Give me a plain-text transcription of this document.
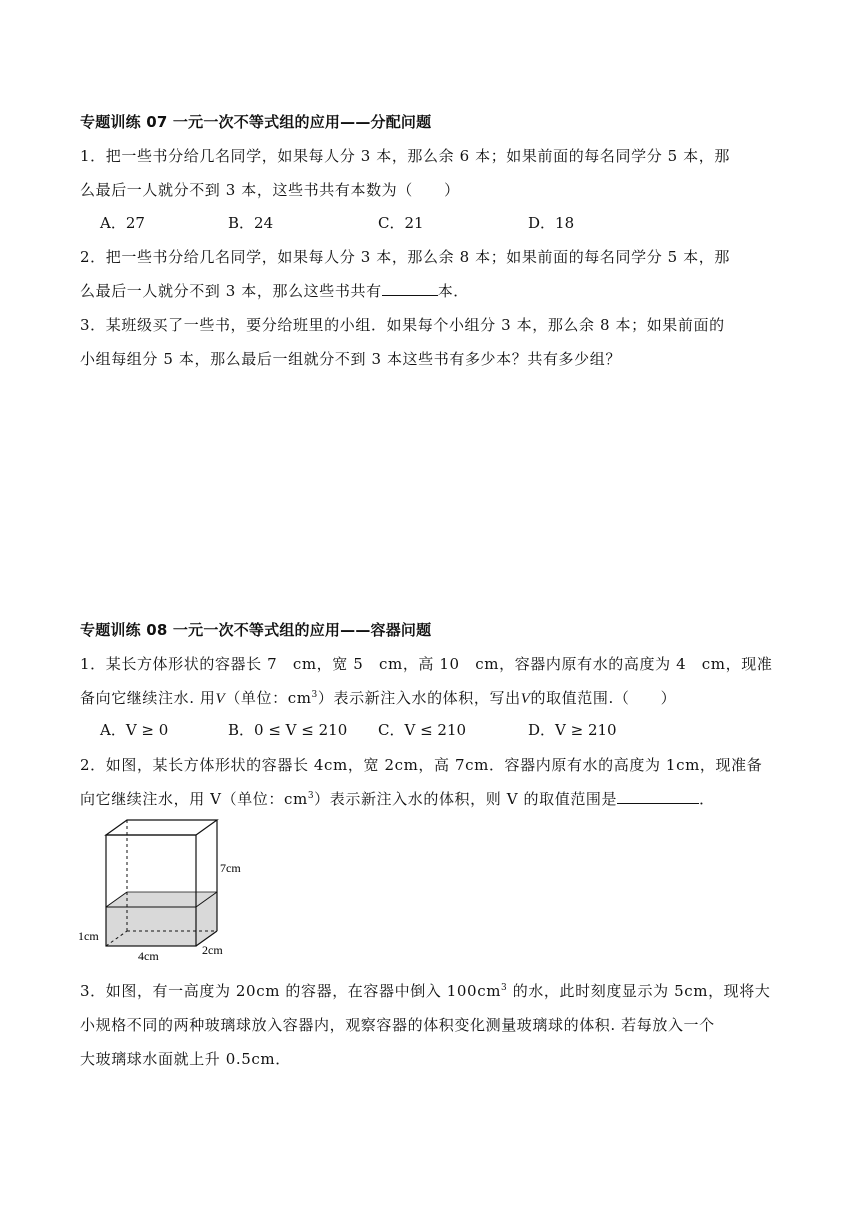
专题训练 07 一元一次不等式组的应用——分配问题
1．把一些书分给几名同学，如果每人分 3 本，那么余 6 本；如果前面的每名同学分 5 本，那
么最后一人就分不到 3 本，这些书共有本数为（　　）
A．27	B．24	C．21	D．18
2．把一些书分给几名同学，如果每人分 3 本，那么余 8 本；如果前面的每名同学分 5 本，那
么最后一人就分不到 3 本，那么这些书共有	本．
3．某班级买了一些书，要分给班里的小组．如果每个小组分 3 本，那么余 8 本；如果前面的
小组每组分 5 本，那么最后一组就分不到 3 本这些书有多少本？共有多少组？
专题训练 08 一元一次不等式组的应用——容器问题
1．某长方体形状的容器长 7　cm，宽 5　cm，高 10　cm，容器内原有水的高度为 4　cm，现准
备向它继续注水. 用V（单位：$cm^3$）表示新注入水的体积，写出V的取值范围.（　　）
A．V ≥ 0	B．0 ≤ V ≤ 210 C．V ≤ 210	D．V ≥ 210
2．如图，某长方体形状的容器长 4cm，宽 2cm，高 7cm．容器内原有水的高度为 1cm，现准备
向它继续注水，用 V（单位：$cm^3$）表示新注入水的体积，则 V 的取值范围是	．
7cm
1cm
4cm	2cm
3．如图，有一高度为 20cm 的容器，在容器中倒入 $100cm^3$ 的水，此时刻度显示为 5cm，现将大
小规格不同的两种玻璃球放入容器内，观察容器的体积变化测量玻璃球的体积. 若每放入一个
大玻璃球水面就上升 0.5cm．
